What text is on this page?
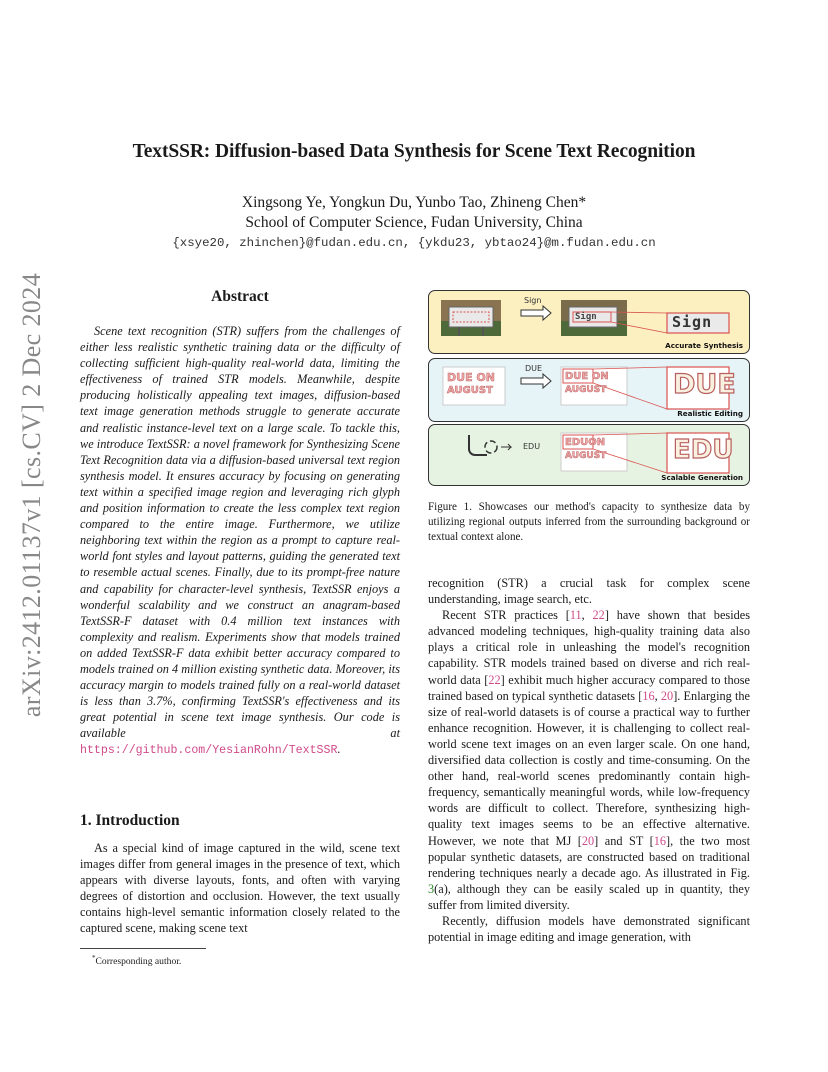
TextSSR: Diffusion-based Data Synthesis for Scene Text Recognition
Xingsong Ye, Yongkun Du, Yunbo Tao, Zhineng Chen*
School of Computer Science, Fudan University, China
{xsye20, zhinchen}@fudan.edu.cn, {ykdu23, ybtao24}@m.fudan.edu.cn
arXiv:2412.01137v1 [cs.CV] 2 Dec 2024	Abstract
Scene text recognition (STR) suffers from the challenges of either less realistic synthetic training data or the difficulty of collecting sufficient high-quality real-world data, limiting the effectiveness of trained STR models. Meanwhile, despite producing holistically appealing text images, diffusion-based text image generation methods struggle to generate accurate and realistic instance-level text on a large scale. To tackle this, we introduce TextSSR: a novel framework for Synthesizing Scene Text Recognition data via a diffusion-based universal text region synthesis model. It ensures accuracy by focusing on generating text within a specified image region and leveraging rich glyph and position information to create the less complex text region compared to the entire image. Furthermore, we utilize neighboring text within the region as a prompt to capture real-world font styles and layout patterns, guiding the generated text to resemble actual scenes. Finally, due to its prompt-free nature and capability for character-level synthesis, TextSSR enjoys a wonderful scalability and we construct an anagram-based TextSSR-F dataset with 0.4 million text instances with complexity and realism. Experiments show that models trained on added TextSSR-F data exhibit better accuracy compared to models trained on 4 million existing synthetic data. Moreover, its accuracy margin to models trained fully on a real-world dataset is less than 3.7%, confirming TextSSR's effectiveness and its great potential in scene text image synthesis. Our code is available at https://github.com/YesianRohn/TextSSR.
1. Introduction
As a special kind of image captured in the wild, scene text images differ from general images in the presence of text, which appears with diverse layouts, fonts, and often with varying degrees of distortion and occlusion. However, the text usually contains high-level semantic information closely related to the captured scene, making scene text
*Corresponding author.
Sign
Sign	Sign
Accurate Synthesis
DUE ON
AUGUST
DUE
DUE ON
AUGUST DUE
Realistic Editing
EDU EDUON
AUGUST	EDU
Scalable Generation
Figure 1. Showcases our method's capacity to synthesize data by utilizing regional outputs inferred from the surrounding background or textual context alone.

recognition (STR) a crucial task for complex scene understanding, image search, etc.

Recent STR practices [11, 22] have shown that besides advanced modeling techniques, high-quality training data also plays a critical role in unleashing the model's recognition capability. STR models trained based on diverse and rich real-world data [22] exhibit much higher accuracy compared to those trained based on typical synthetic datasets [16, 20]. Enlarging the size of real-world datasets is of course a practical way to further enhance recognition. However, it is challenging to collect real-world scene text images on an even larger scale. On one hand, diversified data collection is costly and time-consuming. On the other hand, real-world scenes predominantly contain high-frequency, semantically meaningful words, while low-frequency words are difficult to collect. Therefore, synthesizing high-quality text images seems to be an effective alternative. However, we note that MJ [20] and ST [16], the two most popular synthetic datasets, are constructed based on traditional rendering techniques nearly a decade ago. As illustrated in Fig. 3(a), although they can be easily scaled up in quantity, they suffer from limited diversity.

Recently, diffusion models have demonstrated significant potential in image editing and image generation, with
